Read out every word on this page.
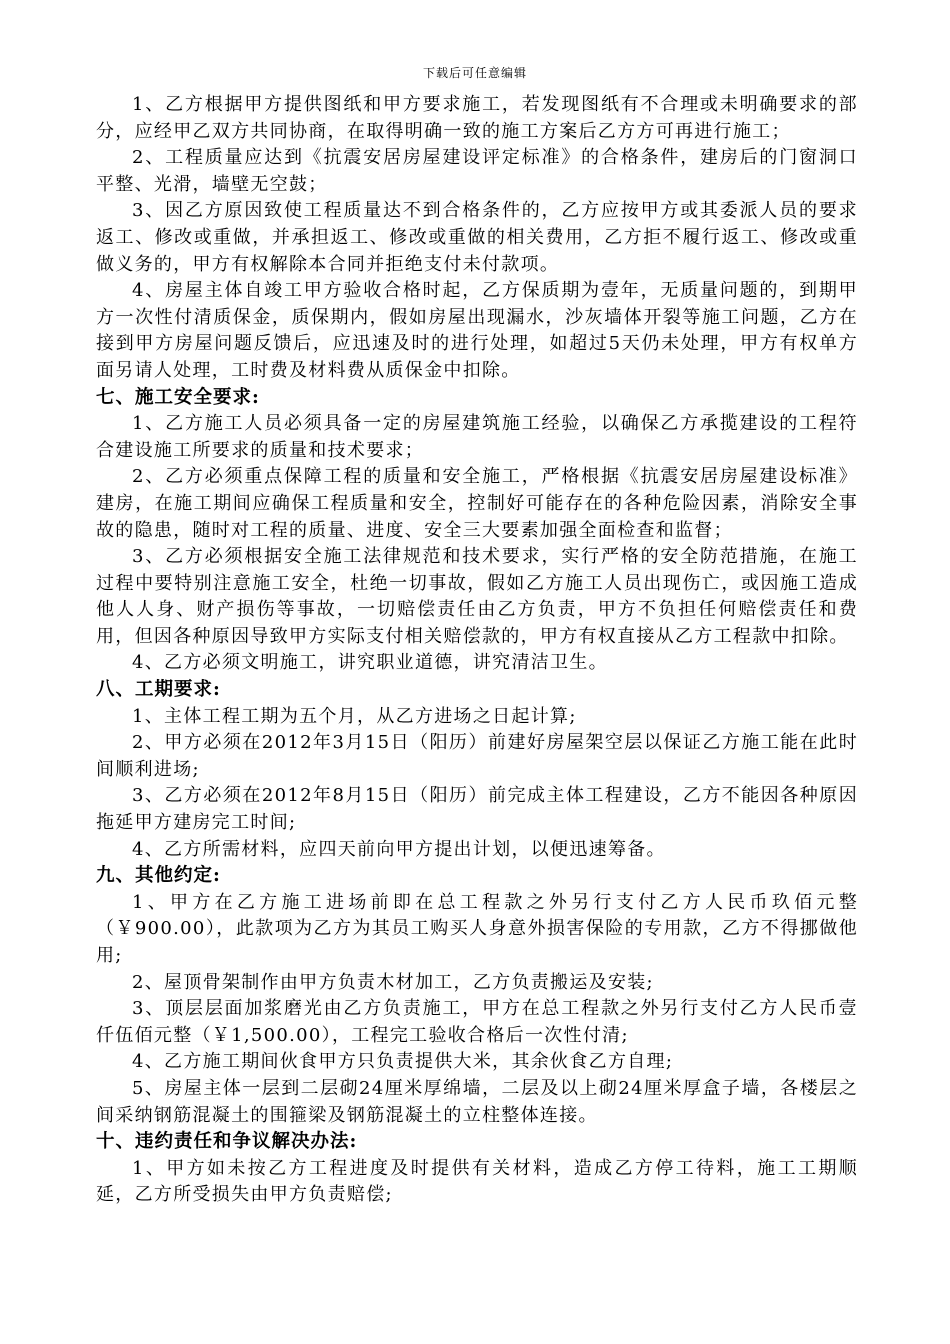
下载后可任意编辑

1、乙方根据甲方提供图纸和甲方要求施工，若发现图纸有不合理或未明确要求的部分，应经甲乙双方共同协商，在取得明确一致的施工方案后乙方方可再进行施工；

2、工程质量应达到《抗震安居房屋建设评定标准》的合格条件，建房后的门窗洞口平整、光滑，墙壁无空鼓；

3、因乙方原因致使工程质量达不到合格条件的，乙方应按甲方或其委派人员的要求返工、修改或重做，并承担返工、修改或重做的相关费用，乙方拒不履行返工、修改或重做义务的，甲方有权解除本合同并拒绝支付未付款项。

4、房屋主体自竣工甲方验收合格时起，乙方保质期为壹年，无质量问题的，到期甲方一次性付清质保金，质保期内，假如房屋出现漏水，沙灰墙体开裂等施工问题，乙方在接到甲方房屋问题反馈后，应迅速及时的进行处理，如超过5天仍未处理，甲方有权单方面另请人处理，工时费及材料费从质保金中扣除。

七、施工安全要求:

1、乙方施工人员必须具备一定的房屋建筑施工经验，以确保乙方承揽建设的工程符合建设施工所要求的质量和技术要求；

2、乙方必须重点保障工程的质量和安全施工，严格根据《抗震安居房屋建设标准》建房，在施工期间应确保工程质量和安全，控制好可能存在的各种危险因素，消除安全事故的隐患，随时对工程的质量、进度、安全三大要素加强全面检查和监督；

3、乙方必须根据安全施工法律规范和技术要求，实行严格的安全防范措施，在施工过程中要特别注意施工安全，杜绝一切事故，假如乙方施工人员出现伤亡，或因施工造成他人人身、财产损伤等事故，一切赔偿责任由乙方负责，甲方不负担任何赔偿责任和费用，但因各种原因导致甲方实际支付相关赔偿款的，甲方有权直接从乙方工程款中扣除。

4、乙方必须文明施工，讲究职业道德，讲究清洁卫生。

八、工期要求:

1、主体工程工期为五个月，从乙方进场之日起计算;

2、甲方必须在2012年3月15日（阳历）前建好房屋架空层以保证乙方施工能在此时间顺利进场;

3、乙方必须在2012年8月15日（阳历）前完成主体工程建设，乙方不能因各种原因拖延甲方建房完工时间;

4、乙方所需材料，应四天前向甲方提出计划，以便迅速筹备。

九、其他约定:

1、甲方在乙方施工进场前即在总工程款之外另行支付乙方人民币玖佰元整（￥900.00），此款项为乙方为其员工购买人身意外损害保险的专用款，乙方不得挪做他用;

2、屋顶骨架制作由甲方负责木材加工，乙方负责搬运及安装;

3、顶层层面加浆磨光由乙方负责施工，甲方在总工程款之外另行支付乙方人民币壹仟伍佰元整（￥1,500.00），工程完工验收合格后一次性付清;

4、乙方施工期间伙食甲方只负责提供大米，其余伙食乙方自理;

5、房屋主体一层到二层砌24厘米厚绵墙，二层及以上砌24厘米厚盒子墙，各楼层之间采纳钢筋混凝土的围箍梁及钢筋混凝土的立柱整体连接。

十、违约责任和争议解决办法:

1、甲方如未按乙方工程进度及时提供有关材料，造成乙方停工待料，施工工期顺延，乙方所受损失由甲方负责赔偿;
